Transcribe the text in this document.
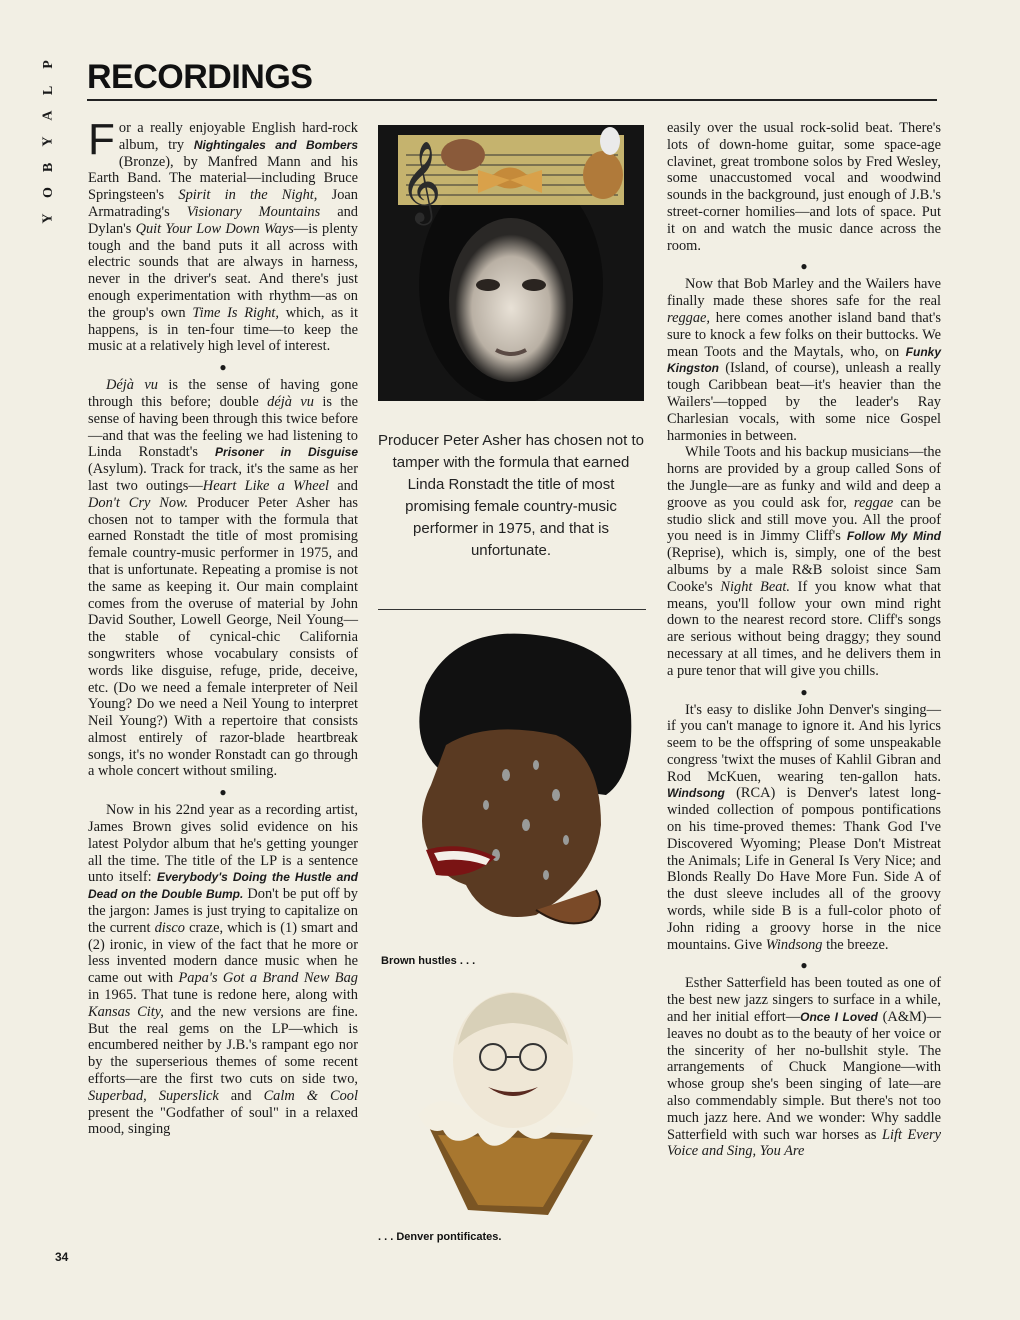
P
L
A
Y
B
O
Y
RECORDINGS

For a really enjoyable English hard-rock album, try Nightingales and Bombers (Bronze), by Manfred Mann and his Earth Band. The material—including Bruce Springsteen's Spirit in the Night, Joan Armatrading's Visionary Mountains and Dylan's Quit Your Low Down Ways—is plenty tough and the band puts it all across with electric sounds that are always in harness, never in the driver's seat. And there's just enough experimentation with rhythm—as on the group's own Time Is Right, which, as it happens, is in ten-four time—to keep the music at a relatively high level of interest.

●

Déjà vu is the sense of having gone through this before; double déjà vu is the sense of having been through this twice before—and that was the feeling we had listening to Linda Ronstadt's Prisoner in Disguise (Asylum). Track for track, it's the same as her last two outings—Heart Like a Wheel and Don't Cry Now. Producer Peter Asher has chosen not to tamper with the formula that earned Ronstadt the title of most promising female country-music performer in 1975, and that is unfortunate. Repeating a promise is not the same as keeping it. Our main complaint comes from the overuse of material by John David Souther, Lowell George, Neil Young—the stable of cynical-chic California songwriters whose vocabulary consists of words like disguise, refuge, pride, deceive, etc. (Do we need a female interpreter of Neil Young? Do we need a Neil Young to interpret Neil Young?) With a repertoire that consists almost entirely of razor-blade heartbreak songs, it's no wonder Ronstadt can go through a whole concert without smiling.

●

Now in his 22nd year as a recording artist, James Brown gives solid evidence on his latest Polydor album that he's getting younger all the time. The title of the LP is a sentence unto itself: Everybody's Doing the Hustle and Dead on the Double Bump. Don't be put off by the jargon: James is just trying to capitalize on the current disco craze, which is (1) smart and (2) ironic, in view of the fact that he more or less invented modern dance music when he came out with Papa's Got a Brand New Bag in 1965. That tune is redone here, along with Kansas City, and the new versions are fine. But the real gems on the LP—which is encumbered neither by J.B.'s rampant ego nor by the superserious themes of some recent efforts—are the first two cuts on side two, Superbad, Superslick and Calm & Cool present the "Godfather of soul" in a relaxed mood, singing

𝄞
Producer Peter Asher has chosen not to tamper with the formula that earned Linda Ronstadt the title of most promising female country-music performer in 1975, and that is unfortunate.
Brown hustles . . .
. . . Denver pontificates.

easily over the usual rock-solid beat. There's lots of down-home guitar, some space-age clavinet, great trombone solos by Fred Wesley, some unaccustomed vocal and woodwind sounds in the background, just enough of J.B.'s street-corner homilies—and lots of space. Put it on and watch the music dance across the room.

●

Now that Bob Marley and the Wailers have finally made these shores safe for the real reggae, here comes another island band that's sure to knock a few folks on their buttocks. We mean Toots and the Maytals, who, on Funky Kingston (Island, of course), unleash a really tough Caribbean beat—it's heavier than the Wailers'—topped by the leader's Ray Charlesian vocals, with some nice Gospel harmonies in between.

While Toots and his backup musicians—the horns are provided by a group called Sons of the Jungle—are as funky and wild and deep a groove as you could ask for, reggae can be studio slick and still move you. All the proof you need is in Jimmy Cliff's Follow My Mind (Reprise), which is, simply, one of the best albums by a male R&B soloist since Sam Cooke's Night Beat. If you know what that means, you'll follow your own mind right down to the nearest record store. Cliff's songs are serious without being draggy; they sound necessary at all times, and he delivers them in a pure tenor that will give you chills.

●

It's easy to dislike John Denver's singing—if you can't manage to ignore it. And his lyrics seem to be the offspring of some unspeakable congress 'twixt the muses of Kahlil Gibran and Rod McKuen, wearing ten-gallon hats. Windsong (RCA) is Denver's latest long-winded collection of pompous pontifications on his time-proved themes: Thank God I've Discovered Wyoming; Please Don't Mistreat the Animals; Life in General Is Very Nice; and Blonds Really Do Have More Fun. Side A of the dust sleeve includes all of the groovy words, while side B is a full-color photo of John riding a groovy horse in the nice mountains. Give Windsong the breeze.

●

Esther Satterfield has been touted as one of the best new jazz singers to surface in a while, and her initial effort—Once I Loved (A&M)—leaves no doubt as to the beauty of her voice or the sincerity of her no-bullshit style. The arrangements of Chuck Mangione—with whose group she's been singing of late—are also commendably simple. But there's not too much jazz here. And we wonder: Why saddle Satterfield with such war horses as Lift Every Voice and Sing, You Are

34
